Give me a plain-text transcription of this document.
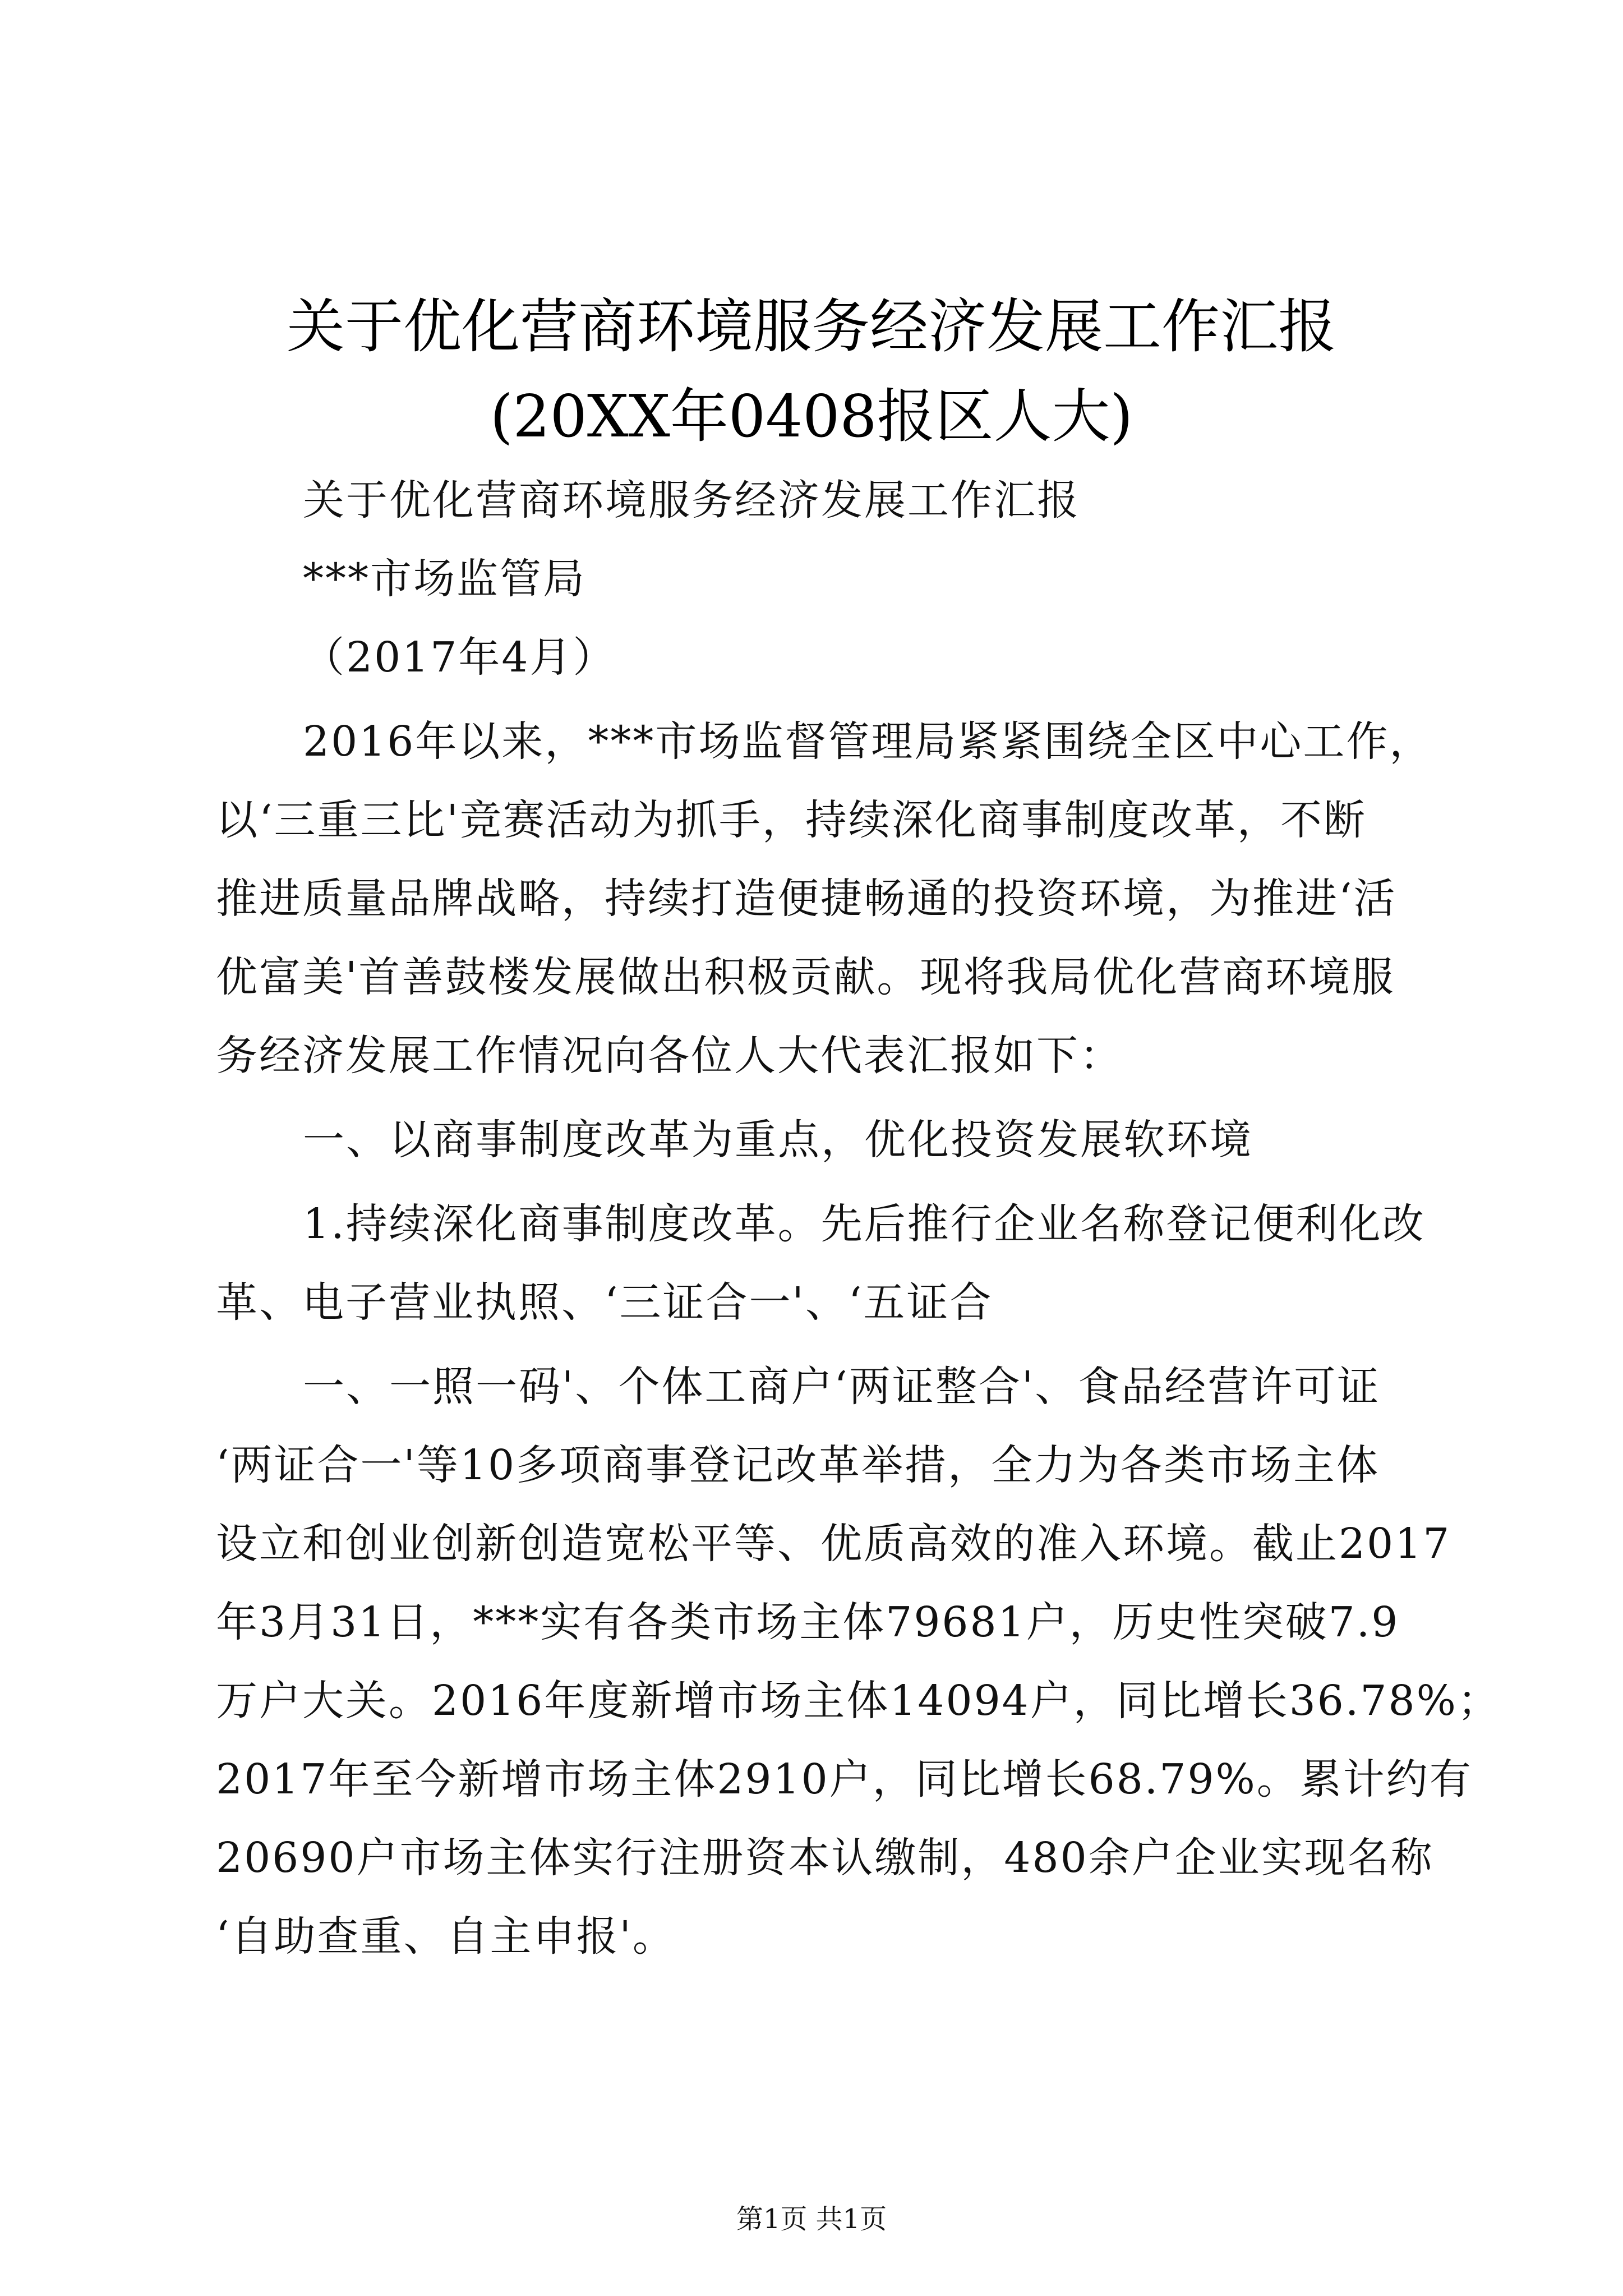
关于优化营商环境服务经济发展工作汇报
(20XX年0408报区人大)
关于优化营商环境服务经济发展工作汇报
***市场监管局
（2017年4月）
2016年以来，***市场监督管理局紧紧围绕全区中心工作，
以‘三重三比'竞赛活动为抓手，持续深化商事制度改革，不断
推进质量品牌战略，持续打造便捷畅通的投资环境，为推进‘活
优富美'首善鼓楼发展做出积极贡献。现将我局优化营商环境服
务经济发展工作情况向各位人大代表汇报如下：
一、以商事制度改革为重点，优化投资发展软环境
1.持续深化商事制度改革。先后推行企业名称登记便利化改
革、电子营业执照、‘三证合一'、‘五证合
一、一照一码'、个体工商户‘两证整合'、食品经营许可证
‘两证合一'等10多项商事登记改革举措，全力为各类市场主体
设立和创业创新创造宽松平等、优质高效的准入环境。截止2017
年3月31日，***实有各类市场主体79681户，历史性突破7.9
万户大关。2016年度新增市场主体14094户，同比增长36.78%；
2017年至今新增市场主体2910户，同比增长68.79%。累计约有
20690户市场主体实行注册资本认缴制，480余户企业实现名称
‘自助查重、自主申报'。
第1页 共1页
